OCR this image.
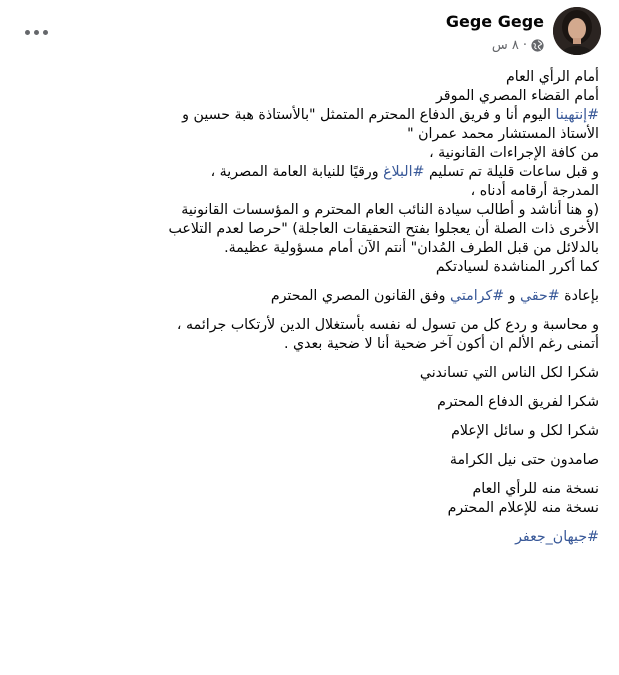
Gege Gege
٨ س ·

أمام الرأي العام

أمام القضاء المصري الموقر

#إنتهينا اليوم أنا و فريق الدفاع المحترم المتمثل "بالأستاذة هبة حسين و

الأستاذ المستشار محمد عمران "

من كافة الإجراءات القانونية ،

و قبل ساعات قليلة تم تسليم #البلاغ ورقيًا للنيابة العامة المصرية ،

المدرجة أرقامه أدناه ،

(و هنا أناشد و أطالب سيادة النائب العام المحترم و المؤسسات القانونية

الأخرى ذات الصلة أن يعجلوا بفتح التحقيقات العاجلة) "حرصا لعدم التلاعب

بالدلائل من قبل الطرف المُدان" أنتم الآن أمام مسؤولية عظيمة.

كما أكرر المناشدة لسيادتكم

بإعادة #حقي و #كرامتي وفق القانون المصري المحترم

و محاسبة و ردع كل من تسول له نفسه بأستغلال الدين لأرتكاب جرائمه ،

أتمنى رغم الألم ان أكون آخر ضحية أنا لا ضحية بعدي .

شكرا لكل الناس التي تساندني

شكرا لفريق الدفاع المحترم

شكرا لكل و سائل الإعلام

صامدون حتى نيل الكرامة

نسخة منه للرأي العام

نسخة منه للإعلام المحترم

#جيهان_جعفر
